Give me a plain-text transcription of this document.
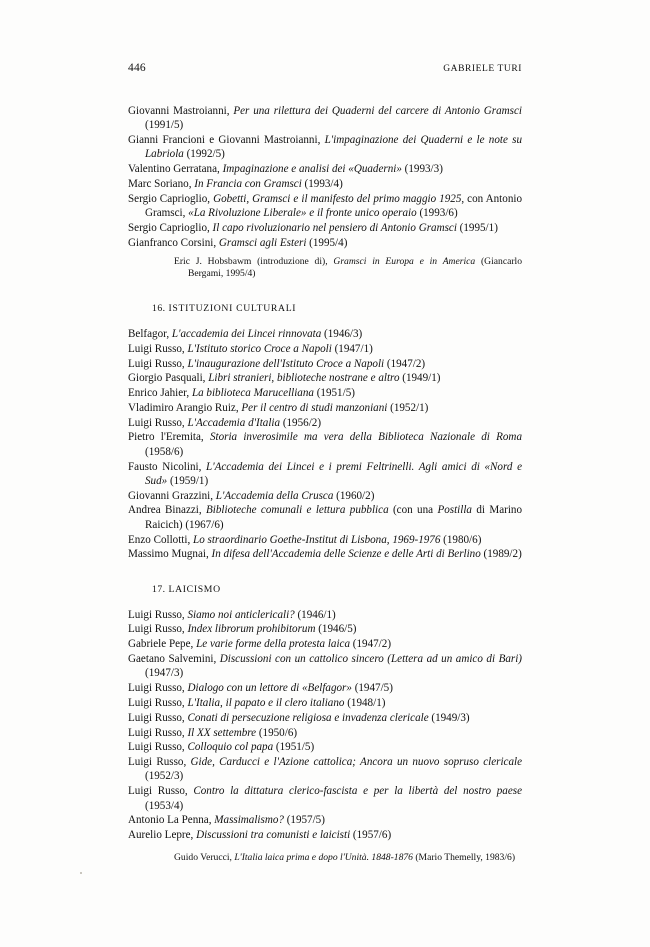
446	GABRIELE TURI

Giovanni Mastroianni, Per una rilettura dei Quaderni del carcere di Antonio Gramsci (1991/5)

Gianni Francioni e Giovanni Mastroianni, L'impaginazione dei Quaderni e le note su Labriola (1992/5)

Valentino Gerratana, Impaginazione e analisi dei «Quaderni» (1993/3)

Marc Soriano, In Francia con Gramsci (1993/4)

Sergio Caprioglio, Gobetti, Gramsci e il manifesto del primo maggio 1925, con Antonio Gramsci, «La Rivoluzione Liberale» e il fronte unico operaio (1993/6)

Sergio Caprioglio, Il capo rivoluzionario nel pensiero di Antonio Gramsci (1995/1)

Gianfranco Corsini, Gramsci agli Esteri (1995/4)

Eric J. Hobsbawm (introduzione di), Gramsci in Europa e in America (Giancarlo Bergami, 1995/4)

16. ISTITUZIONI CULTURALI

Belfagor, L'accademia dei Lincei rinnovata (1946/3)

Luigi Russo, L'Istituto storico Croce a Napoli (1947/1)

Luigi Russo, L'inaugurazione dell'Istituto Croce a Napoli (1947/2)

Giorgio Pasquali, Libri stranieri, biblioteche nostrane e altro (1949/1)

Enrico Jahier, La biblioteca Marucelliana (1951/5)

Vladimiro Arangio Ruiz, Per il centro di studi manzoniani (1952/1)

Luigi Russo, L'Accademia d'Italia (1956/2)

Pietro l'Eremita, Storia inverosimile ma vera della Biblioteca Nazionale di Roma (1958/6)

Fausto Nicolini, L'Accademia dei Lincei e i premi Feltrinelli. Agli amici di «Nord e Sud» (1959/1)

Giovanni Grazzini, L'Accademia della Crusca (1960/2)

Andrea Binazzi, Biblioteche comunali e lettura pubblica (con una Postilla di Marino Raicich) (1967/6)

Enzo Collotti, Lo straordinario Goethe-Institut di Lisbona, 1969-1976 (1980/6)

Massimo Mugnai, In difesa dell'Accademia delle Scienze e delle Arti di Berlino (1989/2)

17. LAICISMO

Luigi Russo, Siamo noi anticlericali? (1946/1)

Luigi Russo, Index librorum prohibitorum (1946/5)

Gabriele Pepe, Le varie forme della protesta laica (1947/2)

Gaetano Salvemini, Discussioni con un cattolico sincero (Lettera ad un amico di Bari) (1947/3)

Luigi Russo, Dialogo con un lettore di «Belfagor» (1947/5)

Luigi Russo, L'Italia, il papato e il clero italiano (1948/1)

Luigi Russo, Conati di persecuzione religiosa e invadenza clericale (1949/3)

Luigi Russo, Il XX settembre (1950/6)

Luigi Russo, Colloquio col papa (1951/5)

Luigi Russo, Gide, Carducci e l'Azione cattolica; Ancora un nuovo sopruso clericale (1952/3)

Luigi Russo, Contro la dittatura clerico-fascista e per la libertà del nostro paese (1953/4)

Antonio La Penna, Massimalismo? (1957/5)

Aurelio Lepre, Discussioni tra comunisti e laicisti (1957/6)

Guido Verucci, L'Italia laica prima e dopo l'Unità. 1848-1876 (Mario Themelly, 1983/6)
